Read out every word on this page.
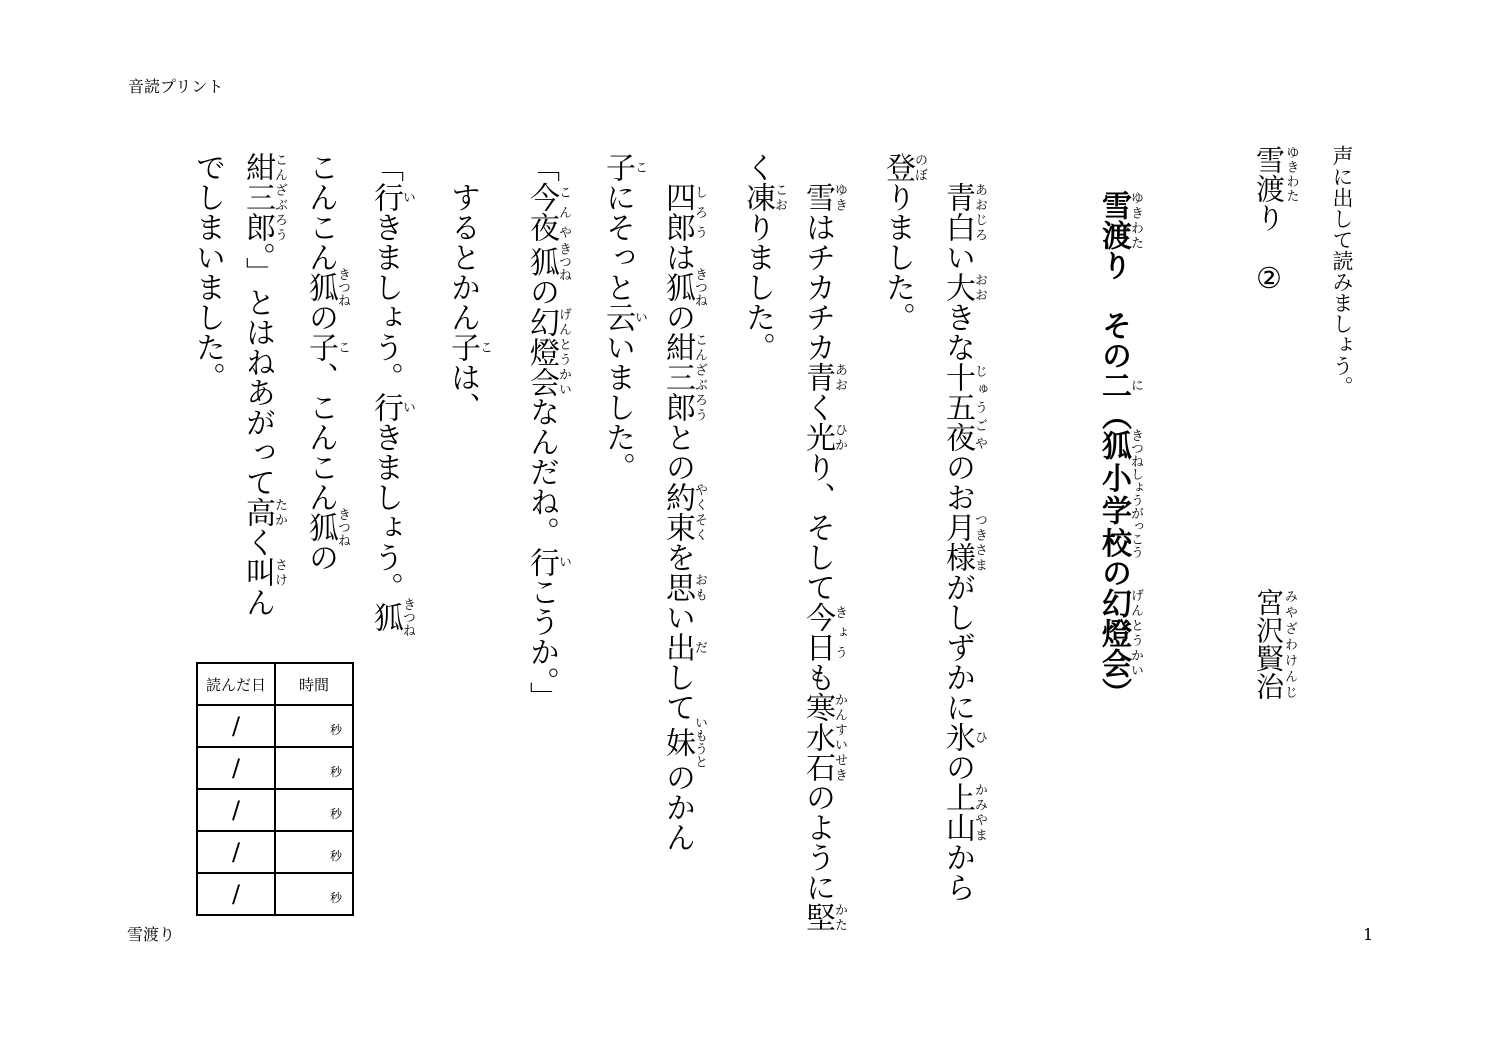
音読プリント
声に出して読みましょう。
雪渡ゆきわたり　②
宮沢賢治みやざわけんじ
雪渡ゆきわたり　その二に（狐小学校きつねしょうがっこうの幻燈会げんとうかい）
　青白あおじろい大おおきな十五夜じゅうごやのお月様つきさまがしずかに氷ひの上山かみやまから
登のぼりました。
　雪ゆきはチカチカ青あおく光ひかり、そして今日きょうも寒水石かんすいせきのように堅かた
く凍こおりました。
　四郎しろうは狐きつねの紺三郎こんざぶろうとの約束やくそくを思おもい出だして妹いもうとのかん
子こにそっと云いいました。
「今夜こんや狐きつねの幻燈会げんとうかいなんだね。行いこうか。」
　するとかん子こは、
「行いきましょう。行いきましょう。狐きつね
こんこん狐きつねの子こ、こんこん狐きつねの
紺三郎こんざぶろう。」とはねあがって高たかく叫さけん
でしまいました。
読んだ日	時間
/	秒
/	秒
/	秒
/	秒
/	秒
雪渡り	1
